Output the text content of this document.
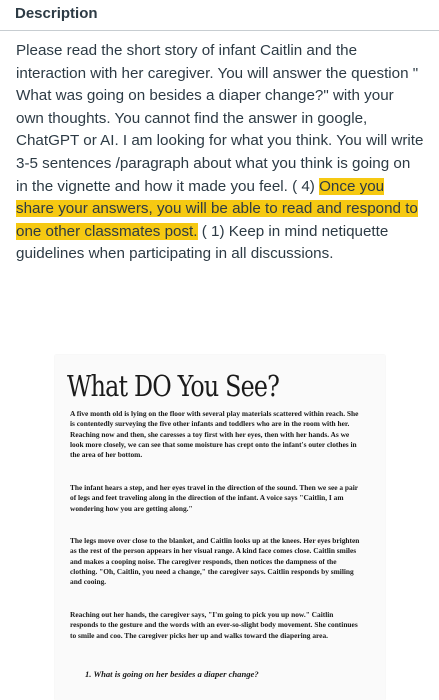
Description
Please read the short story of infant Caitlin and the interaction with her caregiver. You will answer the question " What was going on besides a diaper change?" with your own thoughts. You cannot find the answer in google, ChatGPT or AI. I am looking for what you think. You will write 3-5 sentences /paragraph about what you think is going on in the vignette and how it made you feel. ( 4) Once you share your answers, you will be able to read and respond to one other classmates post. ( 1) Keep in mind netiquette guidelines when participating in all discussions.
What DO You See?
A five month old is lying on the floor with several play materials scattered within reach. She is contentedly surveying the five other infants and toddlers who are in the room with her. Reaching now and then, she caresses a toy first with her eyes, then with her hands. As we look more closely, we can see that some moisture has crept onto the infant's outer clothes in the area of her bottom.
The infant hears a step, and her eyes travel in the direction of the sound. Then we see a pair of legs and feet traveling along in the direction of the infant. A voice says "Caitlin, I am wondering how you are getting along."
The legs move over close to the blanket, and Caitlin looks up at the knees. Her eyes brighten as the rest of the person appears in her visual range. A kind face comes close. Caitlin smiles and makes a cooping noise. The caregiver responds, then notices the dampness of the clothing. "Oh, Caitlin, you need a change," the caregiver says. Caitlin responds by smiling and cooing.
Reaching out her hands, the caregiver says, "I'm going to pick you up now." Caitlin responds to the gesture and the words with an ever-so-slight body movement. She continues to smile and coo. The caregiver picks her up and walks toward the diapering area.
1. What is going on her besides a diaper change?
